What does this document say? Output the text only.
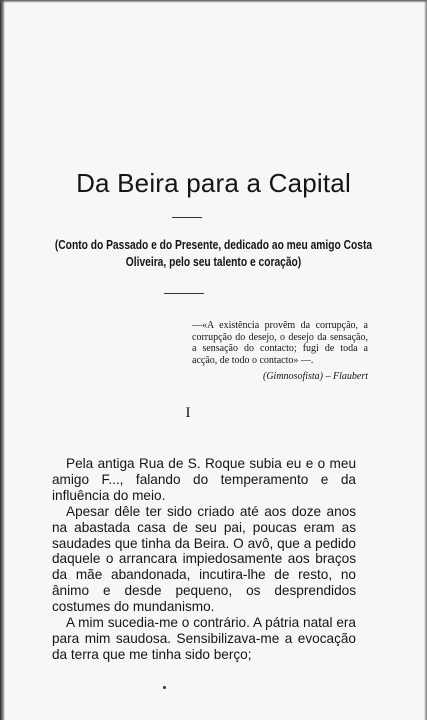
Da Beira para a Capital
(Conto do Passado e do Presente, dedicado ao meu amigo Costa Oliveira, pelo seu talento e coração)
—«A existência provêm da corrupção, a corrupção do desejo, o desejo da sensação, a sensação do contacto; fugi de toda a acção, de todo o contacto» —.
(Gimnosofista) – Flaubert
I

Pela antiga Rua de S. Roque subia eu e o meu amigo F..., falando do temperamento e da influência do meio.

Apesar dêle ter sido criado até aos doze anos na abastada casa de seu pai, poucas eram as saudades que tinha da Beira. O avô, que a pedido daquele o arrancara impiedosamente aos braços da mãe abandonada, incutira-lhe de resto, no ânimo e desde pequeno, os desprendidos costumes do mundanismo.

A mim sucedia-me o contrário. A pátria natal era para mim saudosa. Sensibilizava-me a evocação da terra que me tinha sido berço;
